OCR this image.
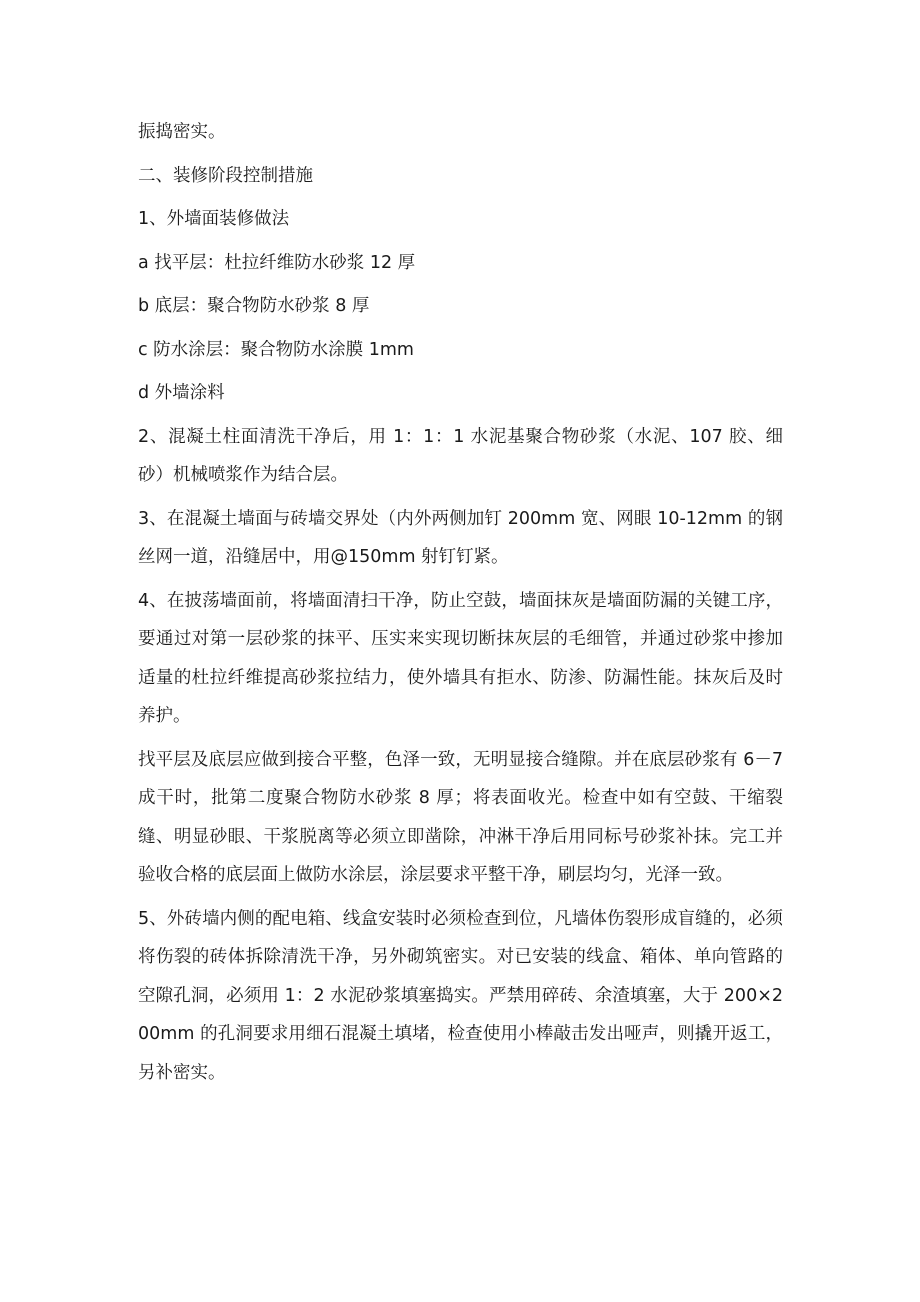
振捣密实。

二、装修阶段控制措施

1、外墙面装修做法

a 找平层：杜拉纤维防水砂浆 12 厚

b 底层：聚合物防水砂浆 8 厚

c 防水涂层：聚合物防水涂膜 1mm

d 外墙涂料

2、混凝土柱面清洗干净后，用 1：1：1 水泥基聚合物砂浆（水泥、107 胶、细砂）机械喷浆作为结合层。

3、在混凝土墙面与砖墙交界处（内外两侧加钉 200mm 宽、网眼 10-12mm 的钢丝网一道，沿缝居中，用@150mm 射钉钉紧。

4、在披荡墙面前，将墙面清扫干净，防止空鼓，墙面抹灰是墙面防漏的关键工序，要通过对第一层砂浆的抹平、压实来实现切断抹灰层的毛细管，并通过砂浆中掺加适量的杜拉纤维提高砂浆拉结力，使外墙具有拒水、防渗、防漏性能。抹灰后及时养护。

找平层及底层应做到接合平整，色泽一致，无明显接合缝隙。并在底层砂浆有 6－7 成干时，批第二度聚合物防水砂浆 8 厚；将表面收光。检查中如有空鼓、干缩裂缝、明显砂眼、干浆脱离等必须立即凿除，冲淋干净后用同标号砂浆补抹。完工并验收合格的底层面上做防水涂层，涂层要求平整干净，刷层均匀，光泽一致。

5、外砖墙内侧的配电箱、线盒安装时必须检查到位，凡墙体伤裂形成盲缝的，必须将伤裂的砖体拆除清洗干净，另外砌筑密实。对已安装的线盒、箱体、单向管路的空隙孔洞，必须用 1：2 水泥砂浆填塞捣实。严禁用碎砖、余渣填塞，大于 200×200mm 的孔洞要求用细石混凝土填堵，检查使用小棒敲击发出哑声，则撬开返工，另补密实。
